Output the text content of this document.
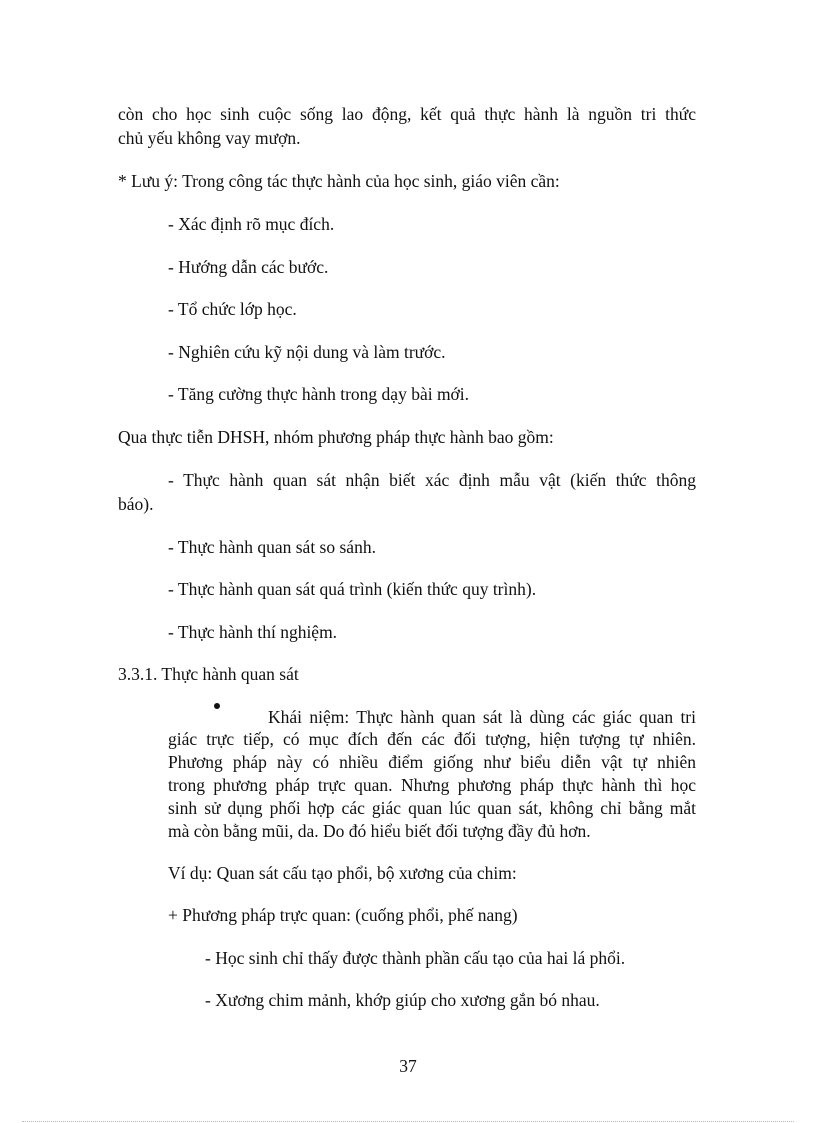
còn cho học sinh cuộc sống lao động, kết quả thực hành là nguồn tri thức
chủ yếu không vay mượn.
* Lưu ý: Trong công tác thực hành của học sinh, giáo viên cần:
- Xác định rõ mục đích.
- Hướng dẫn các bước.
- Tổ chức lớp học.
- Nghiên cứu kỹ nội dung và làm trước.
- Tăng cường thực hành trong dạy bài mới.
Qua thực tiễn DHSH, nhóm phương pháp thực hành bao gồm:
- Thực hành quan sát nhận biết xác định mẫu vật (kiến thức thông
báo).
- Thực hành quan sát so sánh.
- Thực hành quan sát quá trình (kiến thức quy trình).
- Thực hành thí nghiệm.
3.3.1. Thực hành quan sát
Khái niệm: Thực hành quan sát là dùng các giác quan tri
giác trực tiếp, có mục đích đến các đối tượng, hiện tượng tự nhiên.
Phương pháp này có nhiều điểm giống như biểu diễn vật tự nhiên
trong phương pháp trực quan. Nhưng phương pháp thực hành thì học
sinh sử dụng phối hợp các giác quan lúc quan sát, không chỉ bằng mắt
mà còn bằng mũi, da. Do đó hiểu biết đối tượng đầy đủ hơn.
Ví dụ: Quan sát cấu tạo phổi, bộ xương của chim:
+ Phương pháp trực quan: (cuống phổi, phế nang)
- Học sinh chỉ thấy được thành phần cấu tạo của hai lá phổi.
- Xương chim mảnh, khớp giúp cho xương gắn bó nhau.
37
